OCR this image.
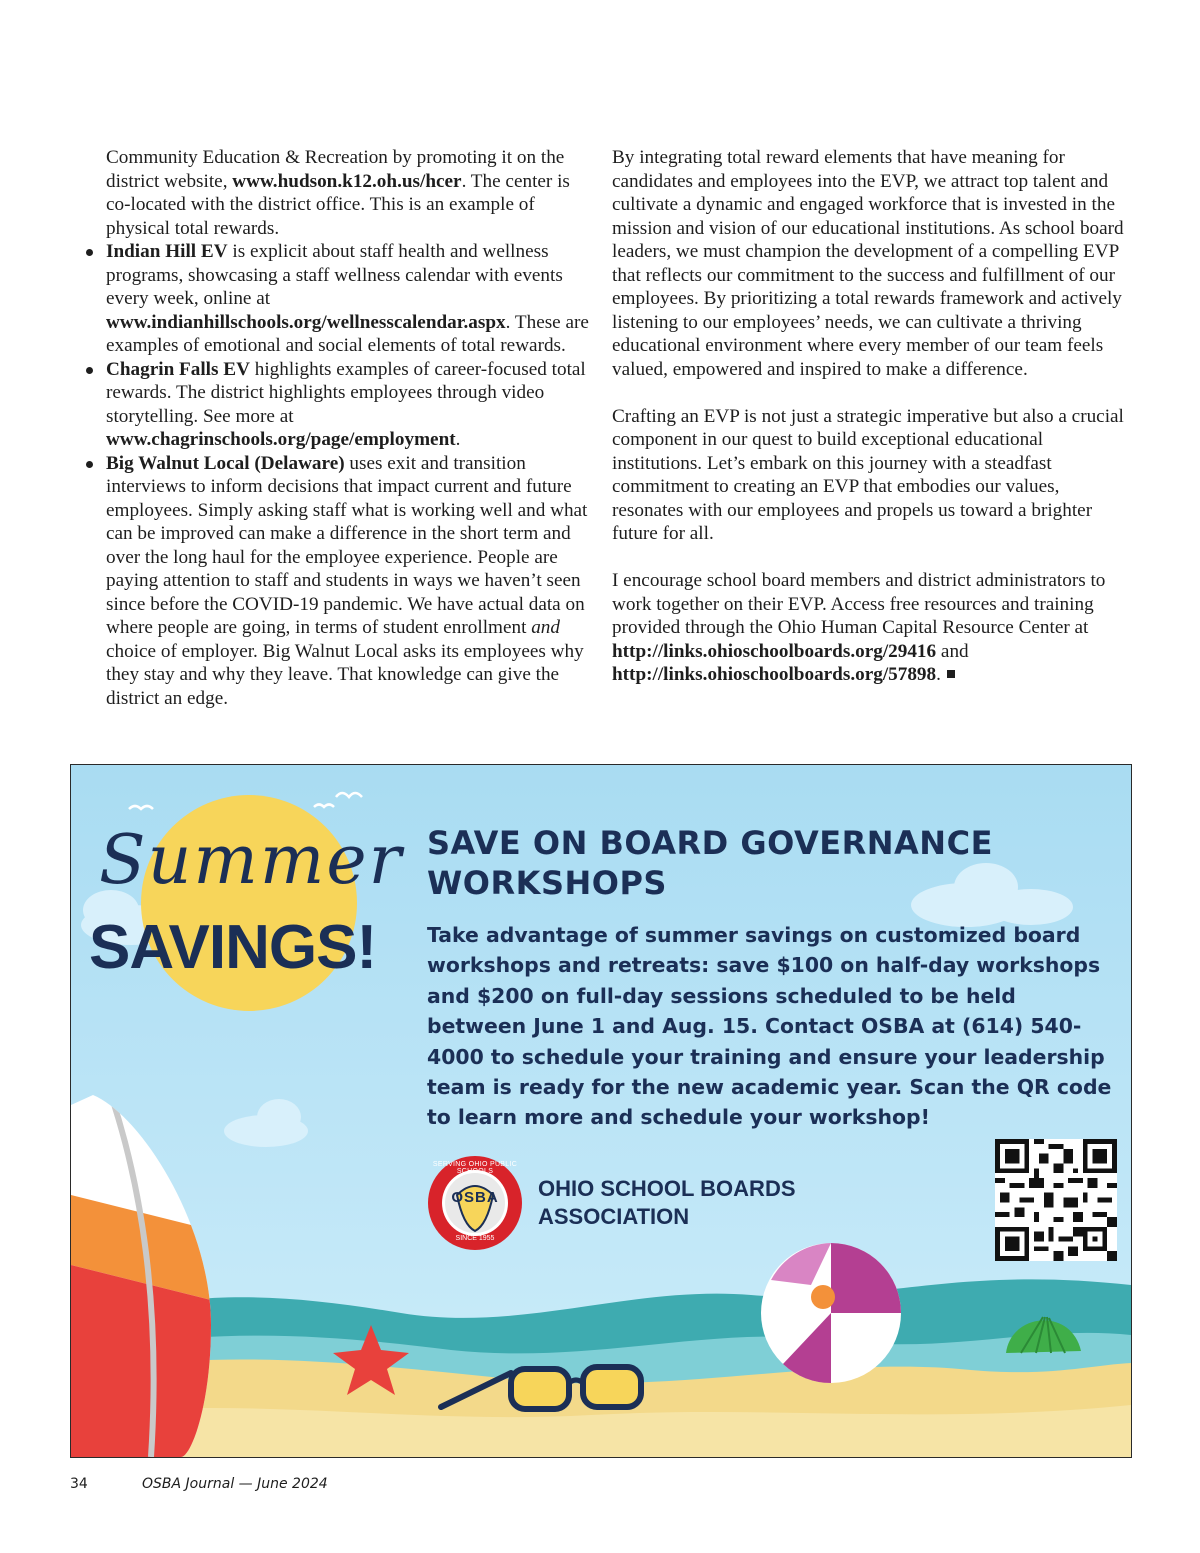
Community Education & Recreation by promoting it on the district website, www.hudson.k12.oh.us/hcer. The center is co-located with the district office. This is an example of physical total rewards.

Indian Hill EV is explicit about staff health and wellness programs, showcasing a staff wellness calendar with events every week, online at www.indianhillschools.org/wellnesscalendar.aspx. These are examples of emotional and social elements of total rewards.
Chagrin Falls EV highlights examples of career-focused total rewards. The district highlights employees through video storytelling. See more at www.chagrinschools.org/page/employment.
Big Walnut Local (Delaware) uses exit and transition interviews to inform decisions that impact current and future employees. Simply asking staff what is working well and what can be improved can make a difference in the short term and over the long haul for the employee experience. People are paying attention to staff and students in ways we haven’t seen since before the COVID-19 pandemic. We have actual data on where people are going, in terms of student enrollment and choice of employer. Big Walnut Local asks its employees why they stay and why they leave. That knowledge can give the district an edge.

By integrating total reward elements that have meaning for candidates and employees into the EVP, we attract top talent and cultivate a dynamic and engaged workforce that is invested in the mission and vision of our educational institutions. As school board leaders, we must champion the development of a compelling EVP that reflects our commitment to the success and fulfillment of our employees. By prioritizing a total rewards framework and actively listening to our employees’ needs, we can cultivate a thriving educational environment where every member of our team feels valued, empowered and inspired to make a difference.

Crafting an EVP is not just a strategic imperative but also a crucial component in our quest to build exceptional educational institutions. Let’s embark on this journey with a steadfast commitment to creating an EVP that embodies our values, resonates with our employees and propels us toward a brighter future for all.

I encourage school board members and district administrators to work together on their EVP. Access free resources and training provided through the Ohio Human Capital Resource Center at http://links.ohioschoolboards.org/29416 and http://links.ohioschoolboards.org/57898.

Summer

SAVINGS!

SAVE ON BOARD GOVERNANCE WORKSHOPS

Take advantage of summer savings on customized board workshops and retreats: save $100 on half-day workshops and $200 on full-day sessions scheduled to be held between June 1 and Aug. 15. Contact OSBA at (614) 540-4000 to schedule your training and ensure your leadership team is ready for the new academic year. Scan the QR code to learn more and schedule your workshop!

SERVING OHIO PUBLIC SCHOOLS
OSBA
SINCE 1955

OHIO SCHOOL BOARDS
ASSOCIATION

34	OSBA Journal — June 2024
